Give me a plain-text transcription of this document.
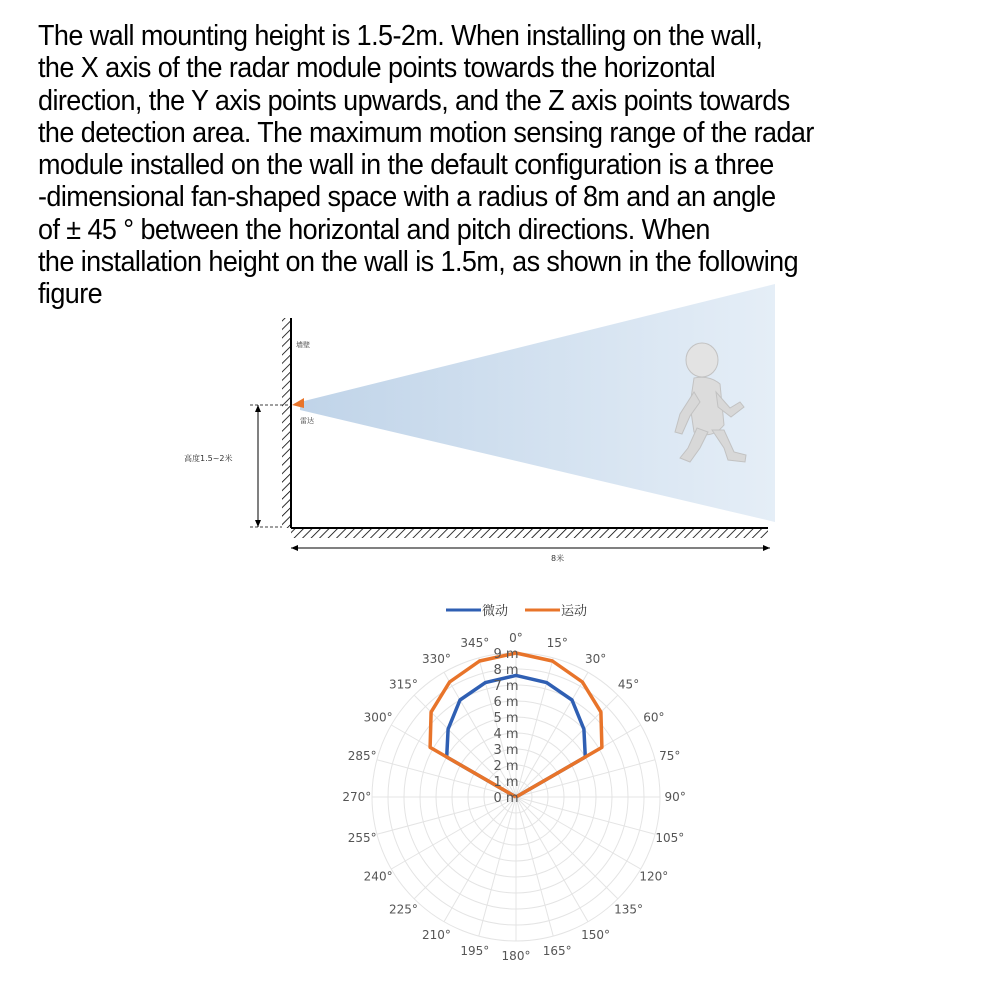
The wall mounting height is 1.5-2m. When installing on the wall,
the X axis of the radar module points towards the horizontal
direction, the Y axis points upwards, and the Z axis points towards
the detection area. The maximum motion sensing range of the radar
module installed on the wall in the default configuration is a three
-dimensional fan-shaped space with a radius of 8m and an angle
of ± 45 ° between the horizontal and pitch directions. When
the installation height on the wall is 1.5m, as shown in the following
figure

墙壁
雷达
高度1.5~2米
8米
0 m
1 m
2 m
3 m
4 m
5 m
6 m
7 m
8 m
9 m
0° 15°
30°
45°
60°
75°
90°
105°
120°
135°
150°
165°
180°
195°
210°
225°
240°
255°
270°
285°
300°
315°
330°
345°
微动	运动
